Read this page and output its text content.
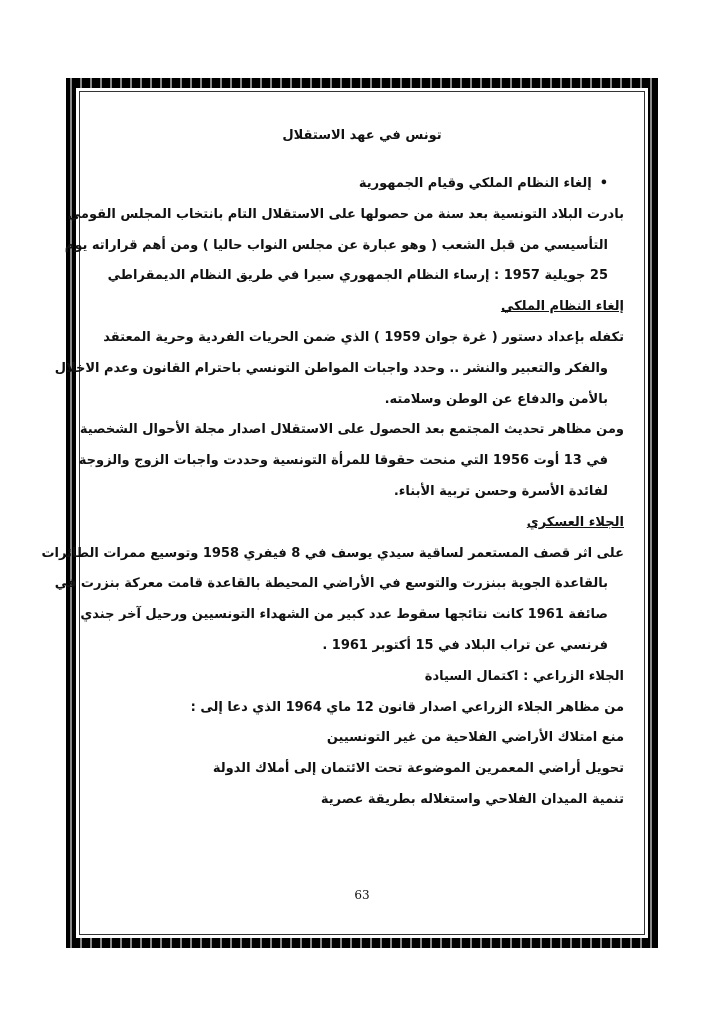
تونس في عهد الاستقلال
• إلغاء النظام الملكي وقيام الجمهورية
بادرت البلاد التونسية بعد سنة من حصولها على الاستقلال التام بانتخاب المجلس القومي
التأسيسي من قبل الشعب ( وهو عبارة عن مجلس النواب حاليا ) ومن أهم قراراته يوم
25 جويلية 1957 : إرساء النظام الجمهوري سيرا في طريق النظام الديمقراطي
إلغاء النظام الملكي
تكفله بإعداد دستور ( غرة جوان 1959 ) الذي ضمن الحريات الفردية وحرية المعتقد
والفكر والتعبير والنشر .. وحدد واجبات المواطن التونسي باحترام القانون وعدم الاخلال
بالأمن والدفاع عن الوطن وسلامته.
ومن مظاهر تحديث المجتمع بعد الحصول على الاستقلال اصدار مجلة الأحوال الشخصية
في 13 أوت 1956 التي منحت حقوقا للمرأة التونسية وحددت واجبات الزوج والزوجة
لفائدة الأسرة وحسن تربية الأبناء.
الجلاء العسكري
على اثر قصف المستعمر لساقية سيدي يوسف في 8 فيفري 1958 وتوسيع ممرات الطائرات
بالقاعدة الجوية ببنزرت والتوسع في الأراضي المحيطة بالقاعدة قامت معركة بنزرت في
صائفة 1961 كانت نتائجها سقوط عدد كبير من الشهداء التونسيين ورحيل آخر جندي
فرنسي عن تراب البلاد في 15 أكتوبر 1961 .
الجلاء الزراعي : اكتمال السيادة
من مظاهر الجلاء الزراعي اصدار قانون 12 ماي 1964 الذي دعا إلى :
منع امتلاك الأراضي الفلاحية من غير التونسيين
تحويل أراضي المعمرين الموضوعة تحت الائتمان إلى أملاك الدولة
تنمية الميدان الفلاحي واستغلاله بطريقة عصرية
63
